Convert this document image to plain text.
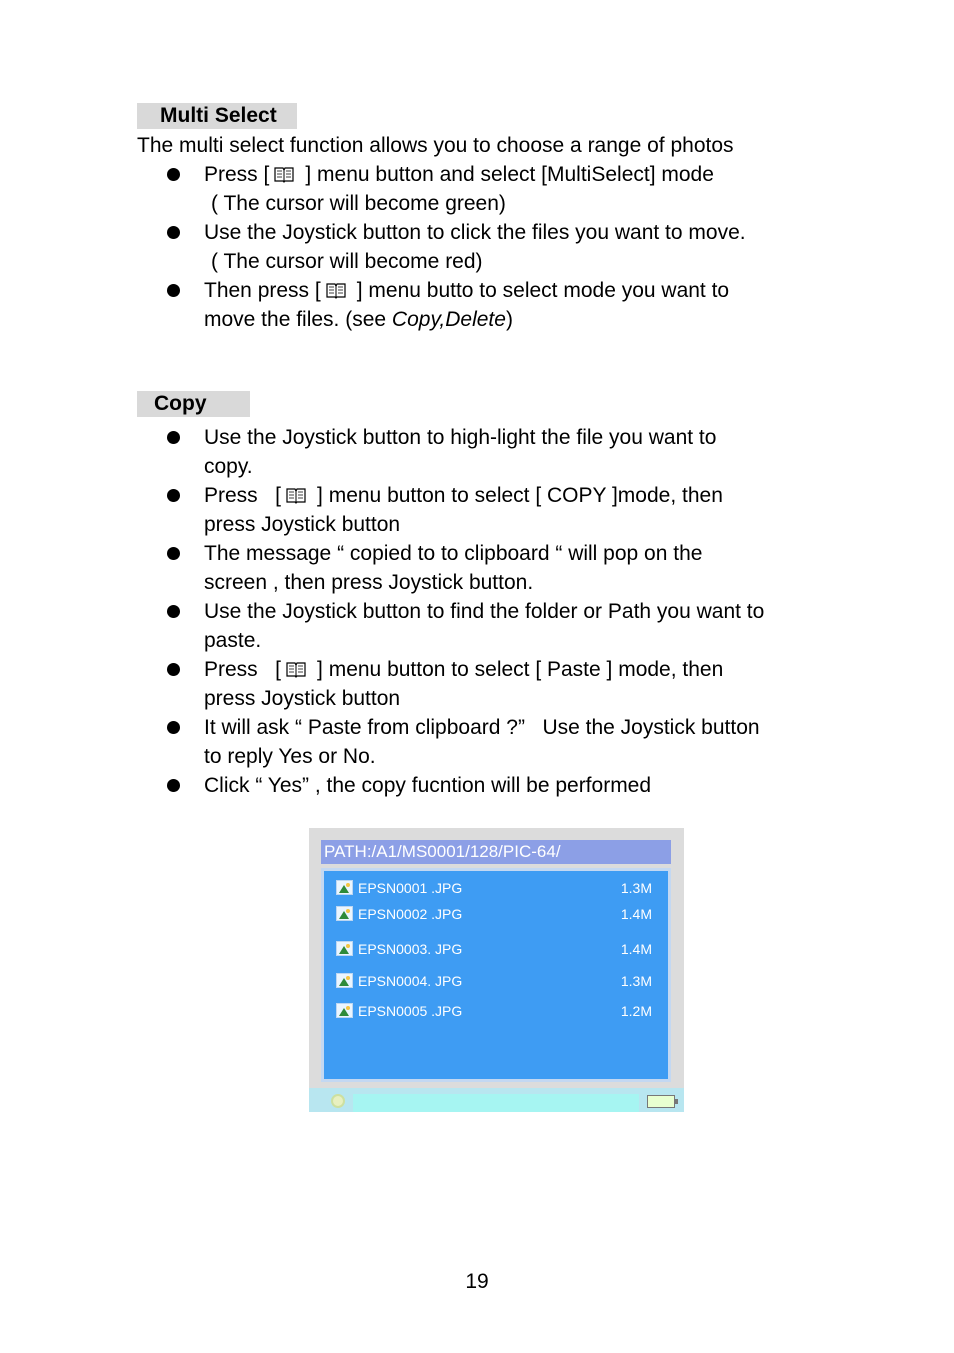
Multi Select
The multi select function allows you to choose a range of photos
Press [ ] menu button and select [MultiSelect] mode
( The cursor will become green)
Use the Joystick button to click the files you want to move.
( The cursor will become red)
Then press [ ] menu butto to select mode you want to
move the files. (see Copy,Delete)
Copy
Use the Joystick button to high-light the file you want to
copy.
Press   [ ] menu button to select [ COPY ]mode, then
press Joystick button
The message “ copied to to clipboard “ will pop on the
screen , then press Joystick button.
Use the Joystick button to find the folder or Path you want to
paste.
Press   [ ] menu button to select [ Paste ] mode, then
press Joystick button
It will ask “ Paste from clipboard ?”   Use the Joystick button
to reply Yes or No.
Click “ Yes” , the copy fucntion will be performed
PATH:/A1/MS0001/128/PIC-64/
EPSN0001 .JPG	1.3M
EPSN0002 .JPG	1.4M
EPSN0003. JPG	1.4M
EPSN0004. JPG	1.3M
EPSN0005 .JPG	1.2M
19
